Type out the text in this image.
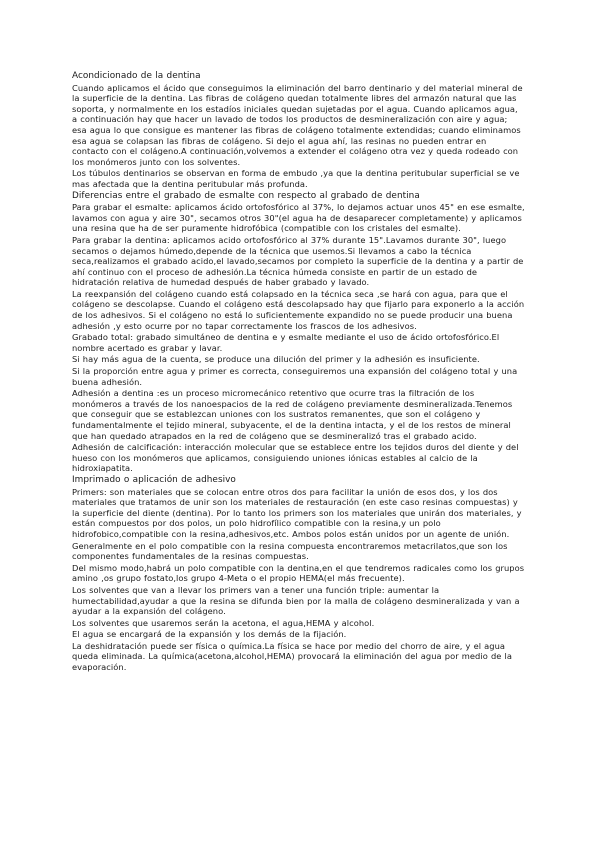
Acondicionado de la dentina

Cuando aplicamos el ácido que conseguimos la eliminación del barro dentinario y del material mineral de la superficie de la dentina. Las fibras de colágeno quedan totalmente libres del armazón natural que las soporta, y normalmente en los estadíos iniciales quedan sujetadas por el agua. Cuando aplicamos agua, a continuación hay que hacer un lavado de todos los productos de desmineralización con aire y agua; esa agua lo que consigue es mantener las fibras de colágeno totalmente extendidas; cuando eliminamos esa agua se colapsan las fibras de colágeno. Si dejo el agua ahí, las resinas no pueden entrar en contacto con el colágeno.A continuación,volvemos a extender el colágeno otra vez y queda rodeado con los monómeros junto con los solventes.

Los túbulos dentinarios se observan en forma de embudo ,ya que la dentina peritubular superficial se ve mas afectada que la dentina peritubular más profunda.

Diferencias entre el grabado de esmalte con respecto al grabado de dentina

Para grabar el esmalte: aplicamos ácido ortofosfórico al 37%, lo dejamos actuar unos 45" en ese esmalte, lavamos con agua y aire 30", secamos otros 30"(el agua ha de desaparecer completamente) y aplicamos una resina que ha de ser puramente hidrofóbica (compatible con los cristales del esmalte).

Para grabar la dentina: aplicamos acido ortofosfórico al 37% durante 15".Lavamos durante 30", luego secamos o dejamos húmedo,depende de la técnica que usemos.Si llevamos a cabo la técnica seca,realizamos el grabado acido,el lavado,secamos por completo la superficie de la dentina y a partir de ahí continuo con el proceso de adhesión.La técnica húmeda consiste en partir de un estado de hidratación relativa de humedad después de haber grabado y lavado.

La reexpansión del colágeno cuando está colapsado en la técnica seca ,se hará con agua, para que el colágeno se descolapse. Cuando el colágeno está descolapsado hay que fijarlo para exponerlo a la acción de los adhesivos. Si el colágeno no está lo suficientemente expandido no se puede producir una buena adhesión ,y esto ocurre por no tapar correctamente los frascos de los adhesivos.

Grabado total: grabado simultáneo de dentina e y esmalte mediante el uso de ácido ortofosfórico.El nombre acertado es grabar y lavar.

Si hay más agua de la cuenta, se produce una dilución del primer y la adhesión es insuficiente.

Si la proporción entre agua y primer es correcta, conseguiremos una expansión del colágeno total y una buena adhesión.

Adhesión a dentina :es un proceso micromecánico retentivo que ocurre tras la filtración de los monómeros a través de los nanoespacios de la red de colágeno previamente desmineralizada.Tenemos que conseguir que se establezcan uniones con los sustratos remanentes, que son el colágeno y fundamentalmente el tejido mineral, subyacente, el de la dentina intacta, y el de los restos de mineral que han quedado atrapados en la red de colágeno que se desmineralizó tras el grabado acido.

Adhesión de calcificación: interacción molecular que se establece entre los tejidos duros del diente y del hueso con los monómeros que aplicamos, consiguiendo uniones iónicas estables al calcio de la hidroxiapatita.

Imprimado o aplicación de adhesivo

Primers: son materiales que se colocan entre otros dos para facilitar la unión de esos dos, y los dos materiales que tratamos de unir son los materiales de restauración (en este caso resinas compuestas) y la superficie del diente (dentina). Por lo tanto los primers son los materiales que unirán dos materiales, y están compuestos por dos polos, un polo hidrofílico compatible con la resina,y un polo hidrofobico,compatible con la resina,adhesivos,etc. Ambos polos están unidos por un agente de unión.

Generalmente en el polo compatible con la resina compuesta encontraremos metacrilatos,que son los componentes fundamentales de la resinas compuestas.

Del mismo modo,habrá un polo compatible con la dentina,en el que tendremos radicales como los grupos amino ,os grupo fostato,los grupo 4-Meta o el propio HEMA(el más frecuente).

Los solventes que van a llevar los primers van a tener una función triple: aumentar la humectabilidad,ayudar a que la resina se difunda bien por la malla de colágeno desmineralizada y van a ayudar a la expansión del colágeno.

Los solventes que usaremos serán la acetona, el agua,HEMA y alcohol.

El agua se encargará de la expansión y los demás de la fijación.

La deshidratación puede ser física o química.La física se hace por medio del chorro de aire, y el agua queda eliminada. La química(acetona,alcohol,HEMA) provocará la eliminación del agua por medio de la evaporación.
